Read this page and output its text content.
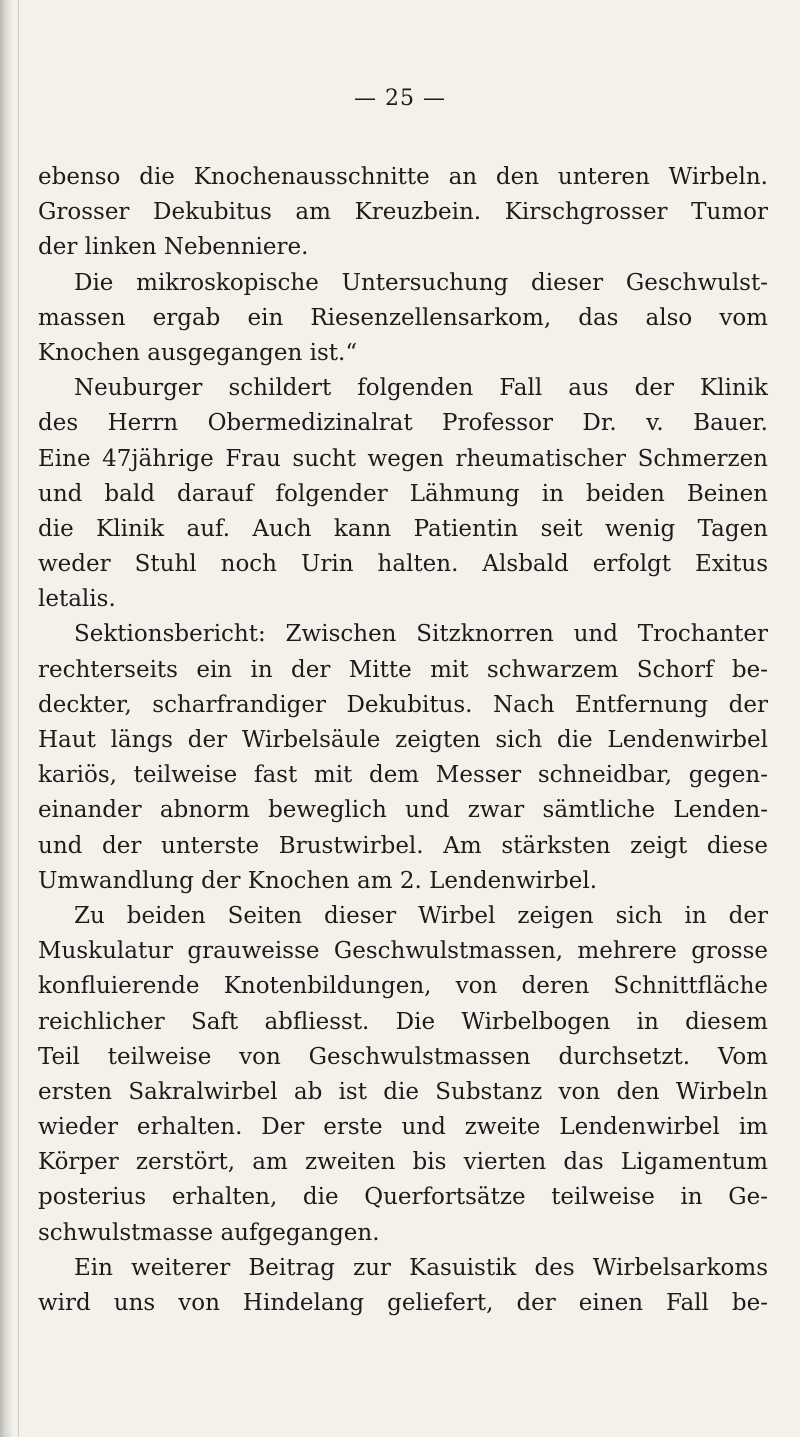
— 25 —
ebenso die Knochenausschnitte an den unteren Wirbeln.
Grosser Dekubitus am Kreuzbein. Kirschgrosser Tumor
der linken Nebenniere.
Die mikroskopische Untersuchung dieser Geschwulst-
massen ergab ein Riesenzellensarkom, das also vom
Knochen ausgegangen ist.“
Neuburger schildert folgenden Fall aus der Klinik
des Herrn Obermedizinalrat Professor Dr. v. Bauer.
Eine 47jährige Frau sucht wegen rheumatischer Schmerzen
und bald darauf folgender Lähmung in beiden Beinen
die Klinik auf. Auch kann Patientin seit wenig Tagen
weder Stuhl noch Urin halten. Alsbald erfolgt Exitus
letalis.
Sektionsbericht: Zwischen Sitzknorren und Trochanter
rechterseits ein in der Mitte mit schwarzem Schorf be-
deckter, scharfrandiger Dekubitus. Nach Entfernung der
Haut längs der Wirbelsäule zeigten sich die Lendenwirbel
kariös, teilweise fast mit dem Messer schneidbar, gegen-
einander abnorm beweglich und zwar sämtliche Lenden-
und der unterste Brustwirbel. Am stärksten zeigt diese
Umwandlung der Knochen am 2. Lendenwirbel.
Zu beiden Seiten dieser Wirbel zeigen sich in der
Muskulatur grauweisse Geschwulstmassen, mehrere grosse
konfluierende Knotenbildungen, von deren Schnittfläche
reichlicher Saft abfliesst. Die Wirbelbogen in diesem
Teil teilweise von Geschwulstmassen durchsetzt. Vom
ersten Sakralwirbel ab ist die Substanz von den Wirbeln
wieder erhalten. Der erste und zweite Lendenwirbel im
Körper zerstört, am zweiten bis vierten das Ligamentum
posterius erhalten, die Querfortsätze teilweise in Ge-
schwulstmasse aufgegangen.
Ein weiterer Beitrag zur Kasuistik des Wirbelsarkoms
wird uns von Hindelang geliefert, der einen Fall be-
